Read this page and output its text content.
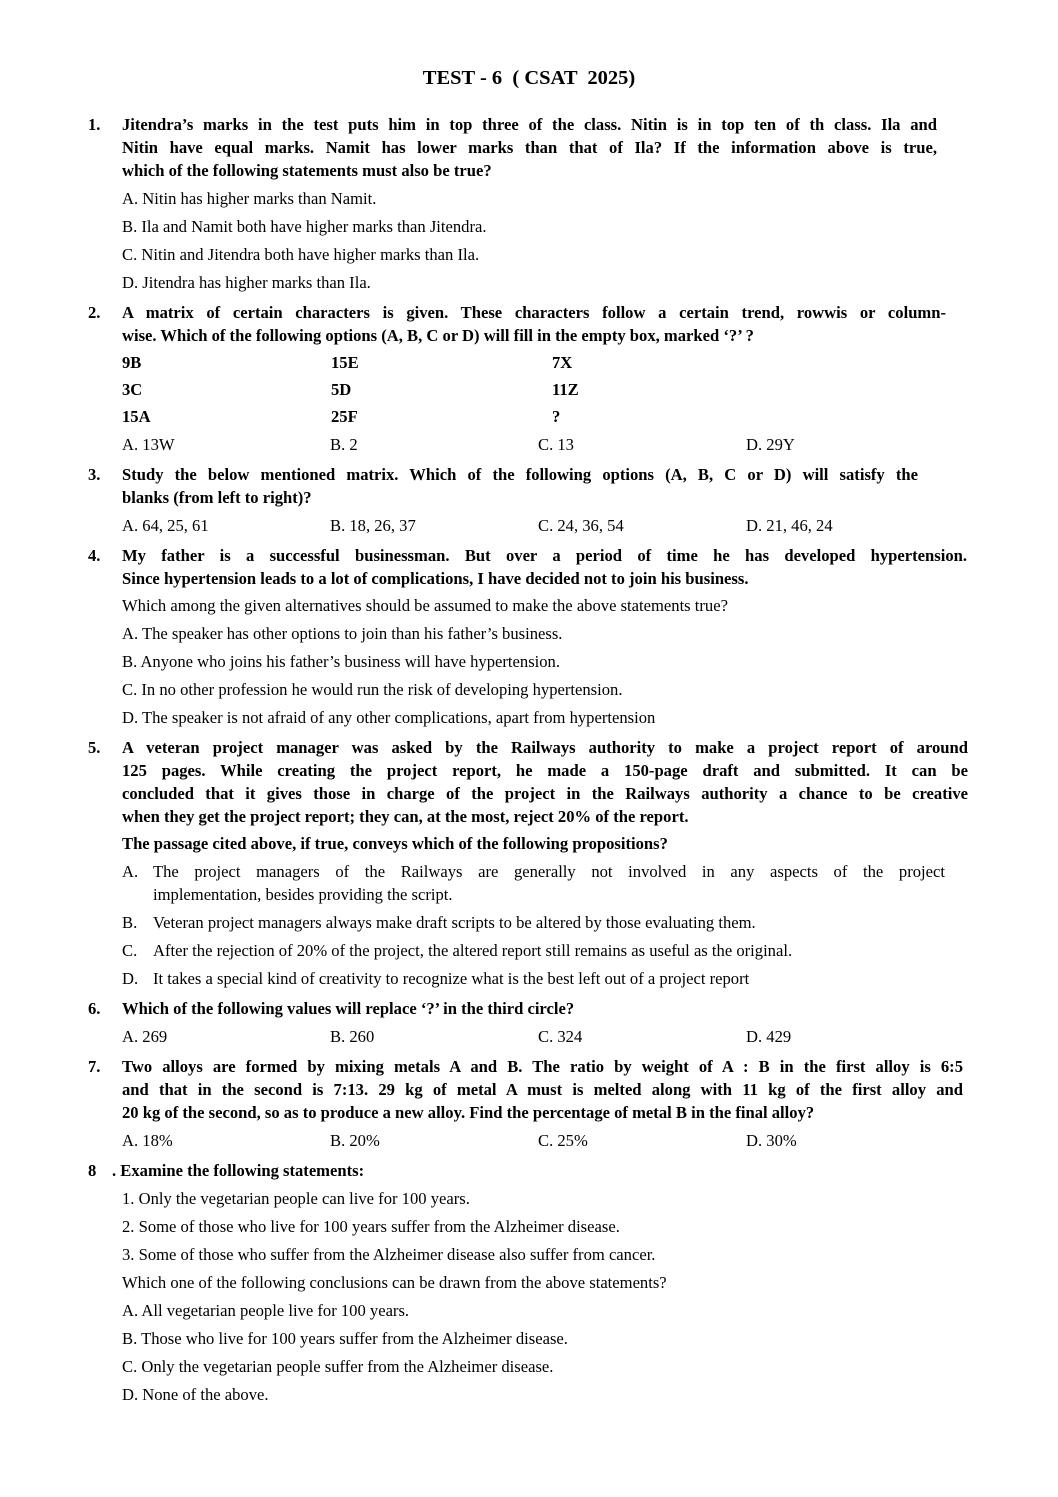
TEST - 6  ( CSAT  2025)
1.	Jitendra’s marks in the test puts him in top three of the class. Nitin is in top ten of th class. Ila and
Nitin have equal marks. Namit has lower marks than that of Ila? If the information above is true,
which of the following statements must also be true?
A. Nitin has higher marks than Namit.
B. Ila and Namit both have higher marks than Jitendra.
C. Nitin and Jitendra both have higher marks than Ila.
D. Jitendra has higher marks than Ila.
2.	A matrix of certain characters is given. These characters follow a certain trend, rowwis or column-
wise. Which of the following options (A, B, C or D) will fill in the empty box, marked ‘?’ ?
9B	15E	7X
3C	5D	11Z
15A	25F	?
A. 13W	B. 2	C. 13	D. 29Y
3.	Study the below mentioned matrix. Which of the following options (A, B, C or D) will satisfy the
blanks (from left to right)?
A. 64, 25, 61	B. 18, 26, 37	C. 24, 36, 54	D. 21, 46, 24
4.	My father is a successful businessman. But over a period of time he has developed hypertension.
Since hypertension leads to a lot of complications, I have decided not to join his business.
Which among the given alternatives should be assumed to make the above statements true?
A. The speaker has other options to join than his father’s business.
B. Anyone who joins his father’s business will have hypertension.
C. In no other profession he would run the risk of developing hypertension.
D. The speaker is not afraid of any other complications, apart from hypertension
5.	A veteran project manager was asked by the Railways authority to make a project report of around
125 pages. While creating the project report, he made a 150-page draft and submitted. It can be
concluded that it gives those in charge of the project in the Railways authority a chance to be creative
when they get the project report; they can, at the most, reject 20% of the report.
The passage cited above, if true, conveys which of the following propositions?
A. The project managers of the Railways are generally not involved in any aspects of the project
implementation, besides providing the script.
B. Veteran project managers always make draft scripts to be altered by those evaluating them.
C. After the rejection of 20% of the project, the altered report still remains as useful as the original.
D. It takes a special kind of creativity to recognize what is the best left out of a project report
6.	Which of the following values will replace ‘?’ in the third circle?
A. 269	B. 260	C. 324	D. 429
7.	Two alloys are formed by mixing metals A and B. The ratio by weight of A : B in the first alloy is 6:5
and that in the second is 7:13. 29 kg of metal A must is melted along with 11 kg of the first alloy and
20 kg of the second, so as to produce a new alloy. Find the percentage of metal B in the final alloy?
A. 18%	B. 20%	C. 25%	D. 30%
8 . Examine the following statements:
1. Only the vegetarian people can live for 100 years.
2. Some of those who live for 100 years suffer from the Alzheimer disease.
3. Some of those who suffer from the Alzheimer disease also suffer from cancer.
Which one of the following conclusions can be drawn from the above statements?
A. All vegetarian people live for 100 years.
B. Those who live for 100 years suffer from the Alzheimer disease.
C. Only the vegetarian people suffer from the Alzheimer disease.
D. None of the above.
